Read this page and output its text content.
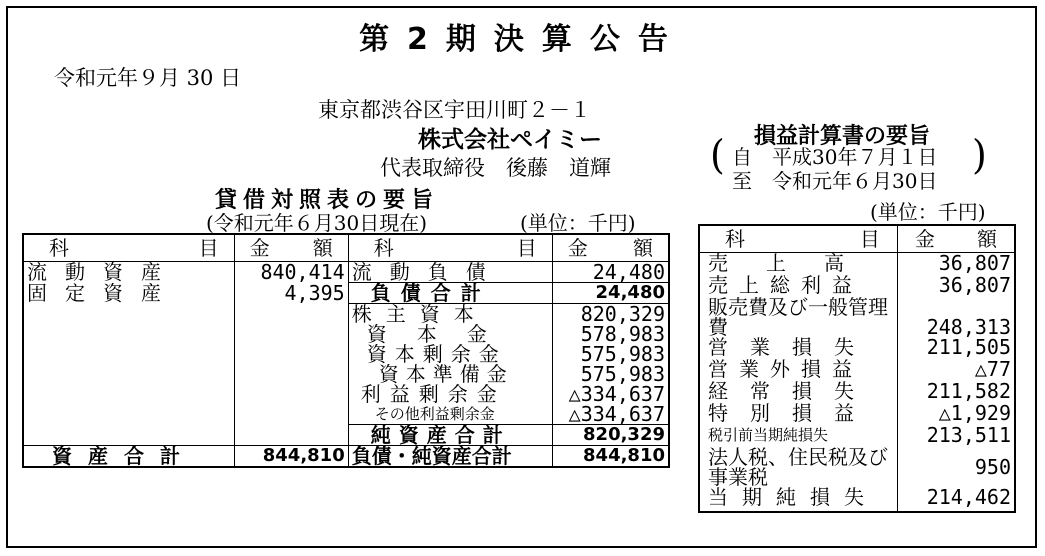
第2期決算公告
令和元年９月 30 日
東京都渋谷区宇田川町２－１
株式会社ペイミー
代表取締役　後藤　道輝
貸借対照表の要旨
(令和元年６月30日現在)	(単位：千円)
科 目	金 額	科 目	金 額

流動資産	840,414	流動負債	24,480
固定資産	4,395	負債合計	24,480
		株主資本	820,329
		資本金	578,983
		資本剰余金	575,983
		資本準備金	575,983
		利益剰余金	△334,637
		その他利益剰余金	△334,637
		純資産合計	820,329
資産合計	844,810	負債・純資産合計	844,810
損益計算書の要旨
( 自　 平成30年７月１日
至　 令和元年６月30日
)
(単位：千円)
科 目	金 額

売上高	36,807
売上総利益	36,807
販売費及び一般管理費	248,313
営業損失	211,505
営業外損益	△77
経常損失	211,582
特別損益	△1,929
税引前当期純損失	213,511
法人税、住民税及び事業税	950
当期純損失	214,462
